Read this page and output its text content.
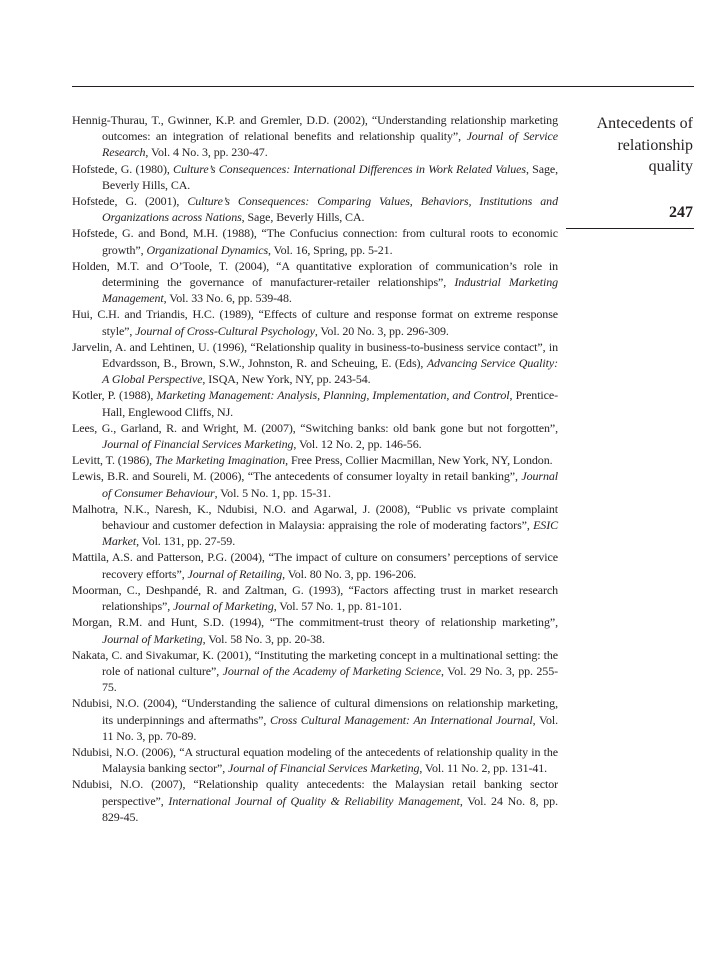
Antecedents of
relationship
quality
247
Hennig-Thurau, T., Gwinner, K.P. and Gremler, D.D. (2002), “Understanding relationship marketing outcomes: an integration of relational benefits and relationship quality”, Journal of Service Research, Vol. 4 No. 3, pp. 230-47.
Hofstede, G. (1980), Culture’s Consequences: International Differences in Work Related Values, Sage, Beverly Hills, CA.
Hofstede, G. (2001), Culture’s Consequences: Comparing Values, Behaviors, Institutions and Organizations across Nations, Sage, Beverly Hills, CA.
Hofstede, G. and Bond, M.H. (1988), “The Confucius connection: from cultural roots to economic growth”, Organizational Dynamics, Vol. 16, Spring, pp. 5-21.
Holden, M.T. and O’Toole, T. (2004), “A quantitative exploration of communication’s role in determining the governance of manufacturer-retailer relationships”, Industrial Marketing Management, Vol. 33 No. 6, pp. 539-48.
Hui, C.H. and Triandis, H.C. (1989), “Effects of culture and response format on extreme response style”, Journal of Cross-Cultural Psychology, Vol. 20 No. 3, pp. 296-309.
Jarvelin, A. and Lehtinen, U. (1996), “Relationship quality in business-to-business service contact”, in Edvardsson, B., Brown, S.W., Johnston, R. and Scheuing, E. (Eds), Advancing Service Quality: A Global Perspective, ISQA, New York, NY, pp. 243-54.
Kotler, P. (1988), Marketing Management: Analysis, Planning, Implementation, and Control, Prentice-Hall, Englewood Cliffs, NJ.
Lees, G., Garland, R. and Wright, M. (2007), “Switching banks: old bank gone but not forgotten”, Journal of Financial Services Marketing, Vol. 12 No. 2, pp. 146-56.
Levitt, T. (1986), The Marketing Imagination, Free Press, Collier Macmillan, New York, NY, London.
Lewis, B.R. and Soureli, M. (2006), “The antecedents of consumer loyalty in retail banking”, Journal of Consumer Behaviour, Vol. 5 No. 1, pp. 15-31.
Malhotra, N.K., Naresh, K., Ndubisi, N.O. and Agarwal, J. (2008), “Public vs private complaint behaviour and customer defection in Malaysia: appraising the role of moderating factors”, ESIC Market, Vol. 131, pp. 27-59.
Mattila, A.S. and Patterson, P.G. (2004), “The impact of culture on consumers’ perceptions of service recovery efforts”, Journal of Retailing, Vol. 80 No. 3, pp. 196-206.
Moorman, C., Deshpandé, R. and Zaltman, G. (1993), “Factors affecting trust in market research relationships”, Journal of Marketing, Vol. 57 No. 1, pp. 81-101.
Morgan, R.M. and Hunt, S.D. (1994), “The commitment-trust theory of relationship marketing”, Journal of Marketing, Vol. 58 No. 3, pp. 20-38.
Nakata, C. and Sivakumar, K. (2001), “Instituting the marketing concept in a multinational setting: the role of national culture”, Journal of the Academy of Marketing Science, Vol. 29 No. 3, pp. 255-75.
Ndubisi, N.O. (2004), “Understanding the salience of cultural dimensions on relationship marketing, its underpinnings and aftermaths”, Cross Cultural Management: An International Journal, Vol. 11 No. 3, pp. 70-89.
Ndubisi, N.O. (2006), “A structural equation modeling of the antecedents of relationship quality in the Malaysia banking sector”, Journal of Financial Services Marketing, Vol. 11 No. 2, pp. 131-41.
Ndubisi, N.O. (2007), “Relationship quality antecedents: the Malaysian retail banking sector perspective”, International Journal of Quality & Reliability Management, Vol. 24 No. 8, pp. 829-45.
